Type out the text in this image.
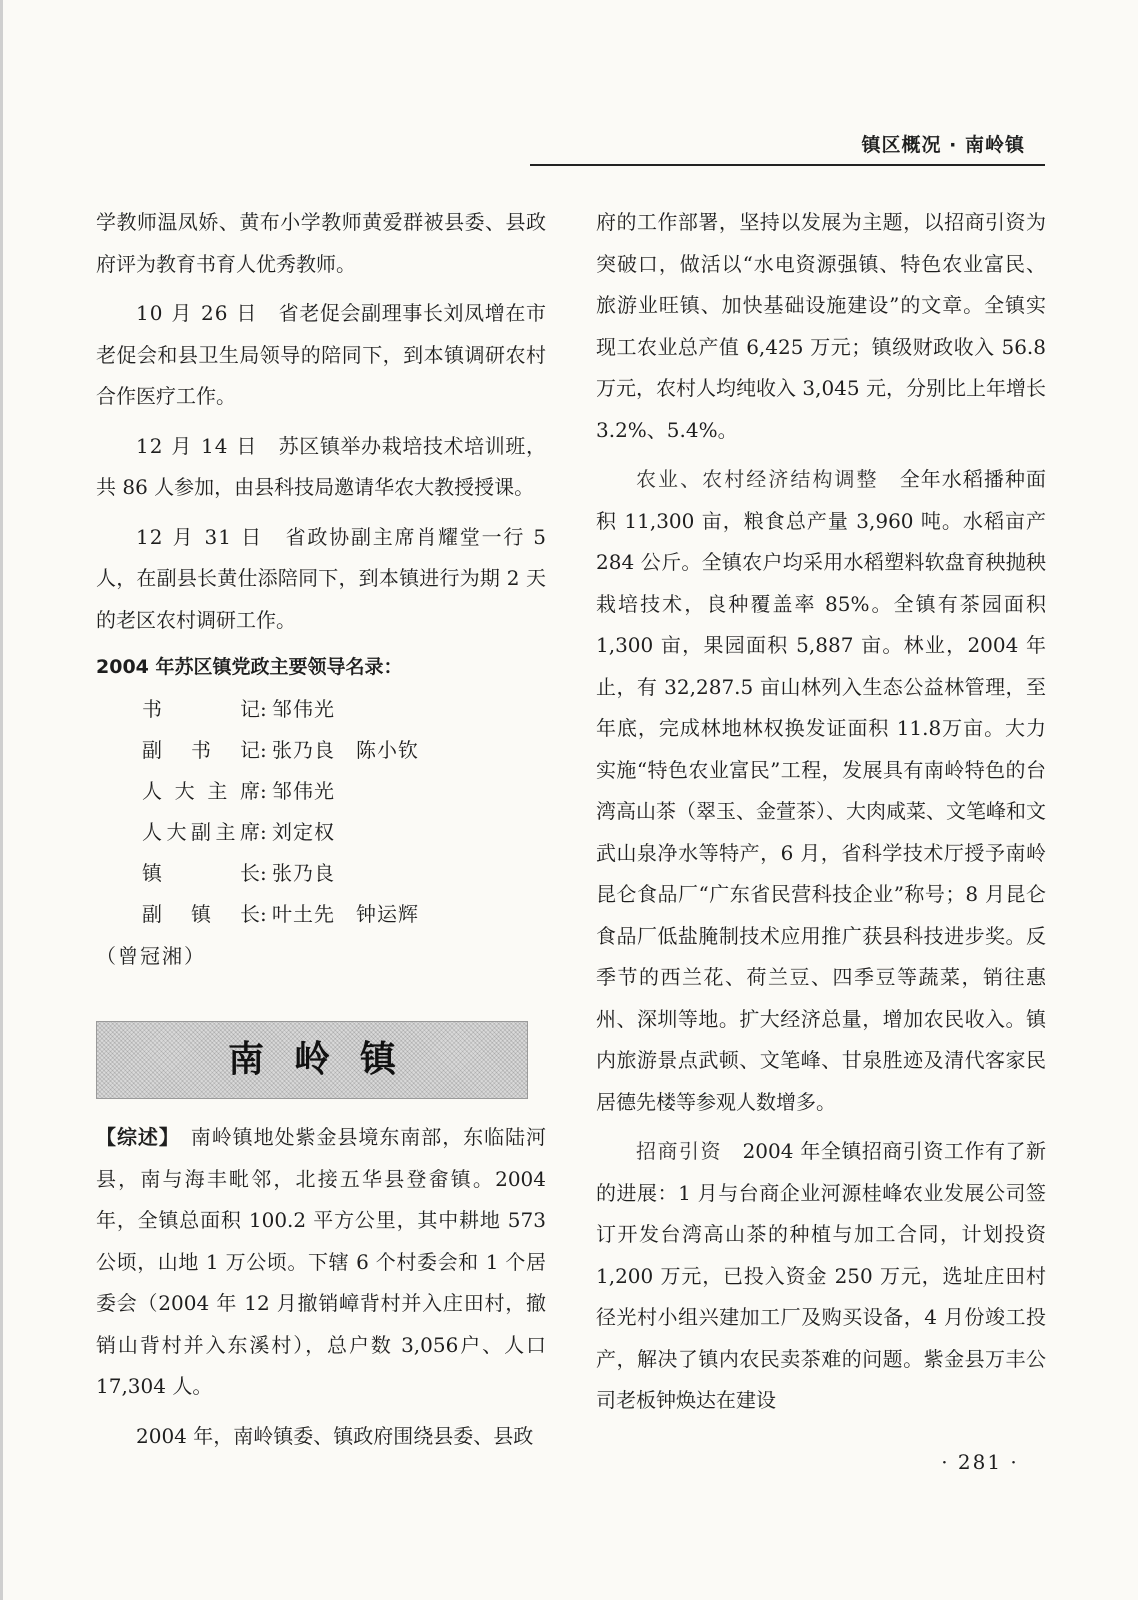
镇区概况 · 南岭镇

学教师温凤娇、黄布小学教师黄爱群被县委、县政府评为教育书育人优秀教师。

10 月 26 日　 省老促会副理事长刘凤增在市老促会和县卫生局领导的陪同下，到本镇调研农村合作医疗工作。

12 月 14 日　 苏区镇举办栽培技术培训班，共 86 人参加，由县科技局邀请华农大教授授课。

12 月 31 日　 省政协副主席肖耀堂一行 5 人，在副县长黄仕添陪同下，到本镇进行为期 2 天的老区农村调研工作。

2004 年苏区镇党政主要领导名录：
书记 : 邹伟光
副书记 : 张乃良　陈小钦
人大主席 : 邹伟光
人大副主席 : 刘定权
镇长 : 张乃良
副镇长 : 叶土先　钟运辉

（曾冠湘）

南岭镇

【综述】　 南岭镇地处紫金县境东南部，东临陆河县，南与海丰毗邻，北接五华县登畲镇。2004 年，全镇总面积 100.2 平方公里，其中耕地 573 公顷，山地 1 万公顷。下辖 6 个村委会和 1 个居委会（2004 年 12 月撤销嶂背村并入庄田村，撤销山背村并入东溪村），总户数 3,056户、人口 17,304 人。

2004 年，南岭镇委、镇政府围绕县委、县政

府的工作部署，坚持以发展为主题，以招商引资为突破口，做活以“水电资源强镇、特色农业富民、旅游业旺镇、加快基础设施建设”的文章。全镇实现工农业总产值 6,425 万元；镇级财政收入 56.8 万元，农村人均纯收入 3,045 元，分别比上年增长 3.2%、5.4%。

农业、农村经济结构调整　 全年水稻播种面积 11,300 亩，粮食总产量 3,960 吨。水稻亩产 284 公斤。全镇农户均采用水稻塑料软盘育秧抛秧栽培技术，良种覆盖率 85%。全镇有茶园面积 1,300 亩，果园面积 5,887 亩。林业，2004 年止，有 32,287.5 亩山林列入生态公益林管理，至年底，完成林地林权换发证面积 11.8万亩。大力实施“特色农业富民”工程，发展具有南岭特色的台湾高山茶（翠玉、金萱茶）、大肉咸菜、文笔峰和文武山泉净水等特产，6 月，省科学技术厅授予南岭昆仑食品厂“广东省民营科技企业”称号；8 月昆仑食品厂低盐腌制技术应用推广获县科技进步奖。反季节的西兰花、荷兰豆、四季豆等蔬菜，销往惠州、深圳等地。扩大经济总量，增加农民收入。镇内旅游景点武顿、文笔峰、甘泉胜迹及清代客家民居德先楼等参观人数增多。

招商引资　 2004 年全镇招商引资工作有了新的进展：1 月与台商企业河源桂峰农业发展公司签订开发台湾高山茶的种植与加工合同，计划投资 1,200 万元，已投入资金 250 万元，选址庄田村径光村小组兴建加工厂及购买设备，4 月份竣工投产，解决了镇内农民卖茶难的问题。紫金县万丰公司老板钟焕达在建设

· 281 ·
